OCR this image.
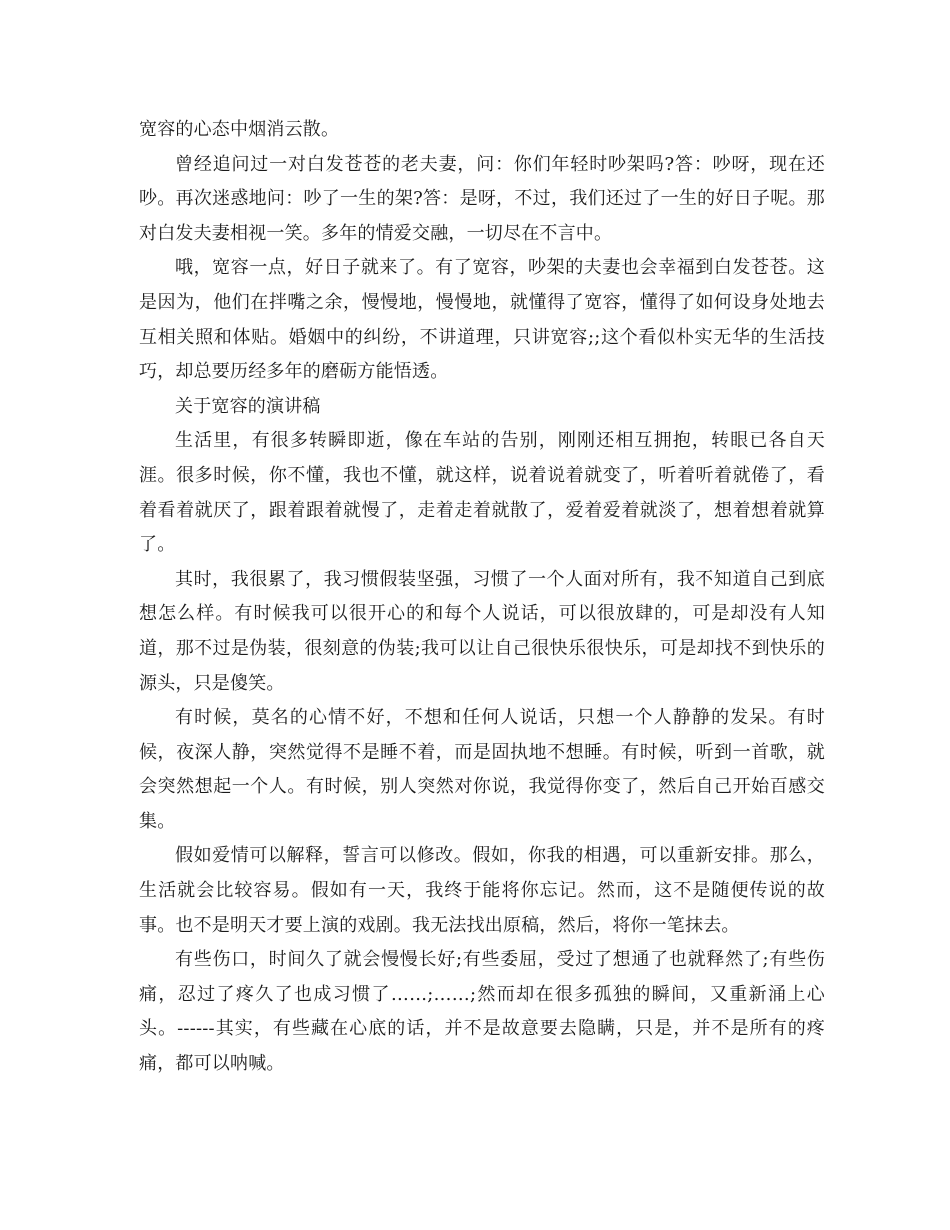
宽容的心态中烟消云散。

曾经追问过一对白发苍苍的老夫妻，问：你们年轻时吵架吗?答：吵呀，现在还吵。再次迷惑地问：吵了一生的架?答：是呀，不过，我们还过了一生的好日子呢。那对白发夫妻相视一笑。多年的情爱交融，一切尽在不言中。

哦，宽容一点，好日子就来了。有了宽容，吵架的夫妻也会幸福到白发苍苍。这是因为，他们在拌嘴之余，慢慢地，慢慢地，就懂得了宽容，懂得了如何设身处地去互相关照和体贴。婚姻中的纠纷，不讲道理，只讲宽容;;这个看似朴实无华的生活技巧，却总要历经多年的磨砺方能悟透。

关于宽容的演讲稿

生活里，有很多转瞬即逝，像在车站的告别，刚刚还相互拥抱，转眼已各自天涯。很多时候，你不懂，我也不懂，就这样，说着说着就变了，听着听着就倦了，看着看着就厌了，跟着跟着就慢了，走着走着就散了，爱着爱着就淡了，想着想着就算了。

其时，我很累了，我习惯假装坚强，习惯了一个人面对所有，我不知道自己到底想怎么样。有时候我可以很开心的和每个人说话，可以很放肆的，可是却没有人知道，那不过是伪装，很刻意的伪装;我可以让自己很快乐很快乐，可是却找不到快乐的源头，只是傻笑。

有时候，莫名的心情不好，不想和任何人说话，只想一个人静静的发呆。有时候，夜深人静，突然觉得不是睡不着，而是固执地不想睡。有时候，听到一首歌，就会突然想起一个人。有时候，别人突然对你说，我觉得你变了，然后自己开始百感交集。

假如爱情可以解释，誓言可以修改。假如，你我的相遇，可以重新安排。那么，生活就会比较容易。假如有一天，我终于能将你忘记。然而，这不是随便传说的故事。也不是明天才要上演的戏剧。我无法找出原稿，然后，将你一笔抹去。

有些伤口，时间久了就会慢慢长好;有些委屈，受过了想通了也就释然了;有些伤痛，忍过了疼久了也成习惯了……;……;然而却在很多孤独的瞬间，又重新涌上心头。------其实，有些藏在心底的话，并不是故意要去隐瞒，只是，并不是所有的疼痛，都可以呐喊。
